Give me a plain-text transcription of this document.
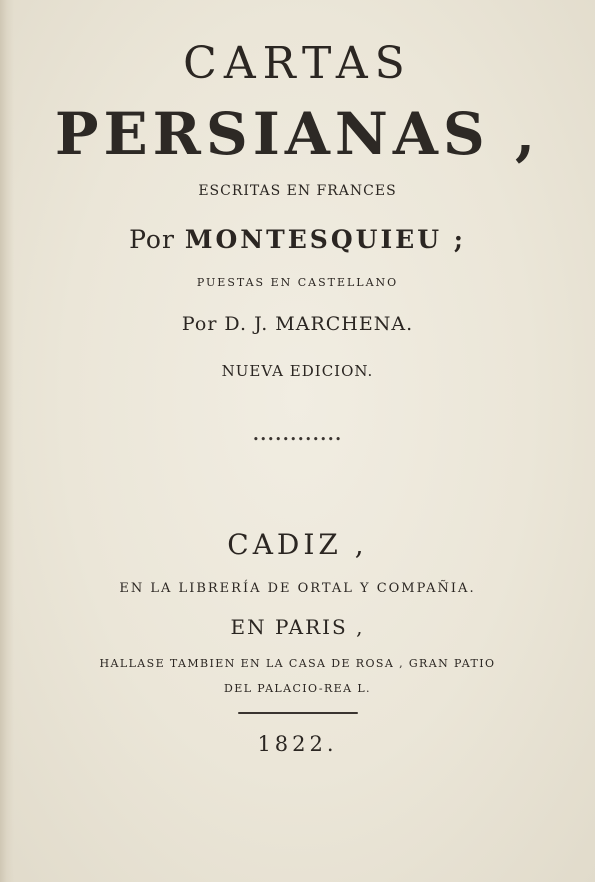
CARTAS
PERSIANAS ,
ESCRITAS EN FRANCES
Por MONTESQUIEU ;
PUESTAS EN CASTELLANO
Por D. J. MARCHENA.
NUEVA EDICION.
••••••••••••
CADIZ ,
EN LA LIBRERÍA DE ORTAL Y COMPAÑIA.
EN PARIS ,
HALLASE TAMBIEN EN LA CASA DE ROSA , GRAN PATIO
DEL PALACIO-REA L.
1822.
